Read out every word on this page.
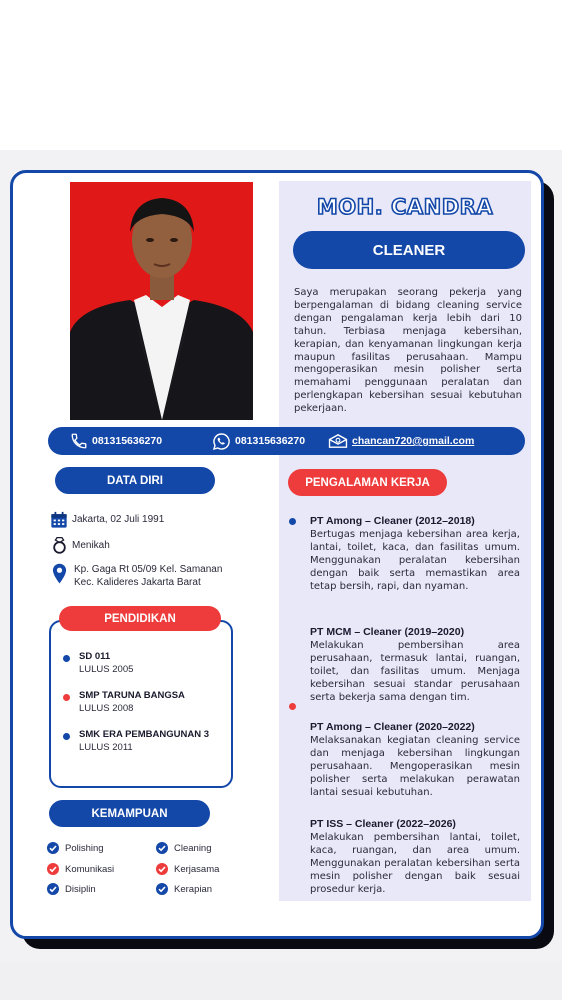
MOH. CANDRA
CLEANER
Saya merupakan seorang pekerja yang berpengalaman di bidang cleaning service dengan pengalaman kerja lebih dari 10 tahun. Terbiasa menjaga kebersihan, kerapian, dan kenyamanan lingkungan kerja maupun fasilitas perusahaan. Mampu mengoperasikan mesin polisher serta memahami penggunaan peralatan dan perlengkapan kebersihan sesuai kebutuhan pekerjaan.
081315636270	081315636270	chancan720@gmail.com
DATA DIRI
Jakarta, 02 Juli 1991
Menikah
Kp. Gaga Rt 05/09 Kel. Samanan
Kec. Kalideres Jakarta Barat
SD 011
LULUS 2005
SMP TARUNA BANGSA
LULUS 2008
SMK ERA PEMBANGUNAN 3
LULUS 2011
PENDIDIKAN
KEMAMPUAN
Polishing	Cleaning
Komunikasi	Kerjasama
Disiplin	Kerapian
PENGALAMAN KERJA
PT Among – Cleaner (2012–2018)
Bertugas menjaga kebersihan area kerja, lantai, toilet, kaca, dan fasilitas umum. Menggunakan peralatan kebersihan dengan baik serta memastikan area tetap bersih, rapi, dan nyaman.
PT MCM – Cleaner (2019–2020)
Melakukan pembersihan area perusahaan, termasuk lantai, ruangan, toilet, dan fasilitas umum. Menjaga kebersihan sesuai standar perusahaan serta bekerja sama dengan tim.
PT Among – Cleaner (2020–2022)
Melaksanakan kegiatan cleaning service dan menjaga kebersihan lingkungan perusahaan. Mengoperasikan mesin polisher serta melakukan perawatan lantai sesuai kebutuhan.
PT ISS – Cleaner (2022–2026)
Melakukan pembersihan lantai, toilet, kaca, ruangan, dan area umum. Menggunakan peralatan kebersihan serta mesin polisher dengan baik sesuai prosedur kerja.
